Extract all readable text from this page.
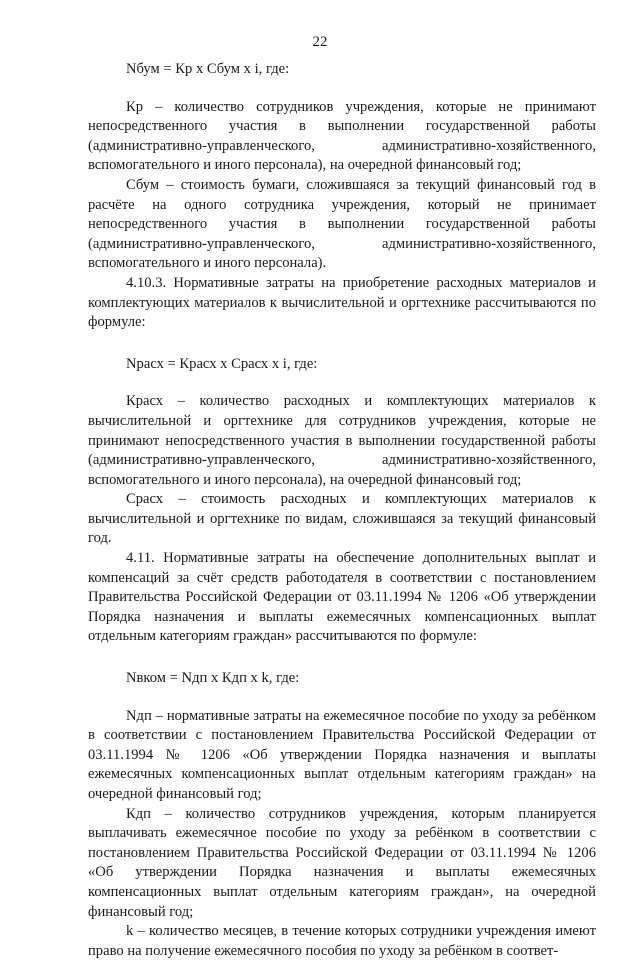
22
Nбум = Кр х Сбум х i, где:

Кр – количество сотрудников учреждения, которые не принимают непосредственного участия в выполнении государственной работы (административно-управленческого, административно-хозяйственного, вспомогательного и иного персонала), на очередной финансовый год;

Сбум – стоимость бумаги, сложившаяся за текущий финансовый год в расчёте на одного сотрудника учреждения, который не принимает непосредственного участия в выполнении государственной работы (административно-управленческого, административно-хозяйственного, вспомогательного и иного персонала).

4.10.3. Нормативные затраты на приобретение расходных материалов и комплектующих материалов к вычислительной и оргтехнике рассчитываются по формуле:

Nрасх = Красх х Срасх х i, где:

Красх – количество расходных и комплектующих материалов к вычислительной и оргтехнике для сотрудников учреждения, которые не принимают непосредственного участия в выполнении государственной работы (административно-управленческого, административно-хозяйственного, вспомогательного и иного персонала), на очередной финансовый год;

Срасх – стоимость расходных и комплектующих материалов к вычислительной и оргтехнике по видам, сложившаяся за текущий финансовый год.

4.11. Нормативные затраты на обеспечение дополнительных выплат и компенсаций за счёт средств работодателя в соответствии с постановлением Правительства Российской Федерации от 03.11.1994 № 1206 «Об утверждении Порядка назначения и выплаты ежемесячных компенсационных выплат отдельным категориям граждан» рассчитываются по формуле:

Nвком = Nдп х Кдп х k, где:

Nдп – нормативные затраты на ежемесячное пособие по уходу за ребёнком в соответствии с постановлением Правительства Российской Федерации от 03.11.1994 № 1206 «Об утверждении Порядка назначения и выплаты ежемесячных компенсационных выплат отдельным категориям граждан» на очередной финансовый год;

Кдп – количество сотрудников учреждения, которым планируется выплачивать ежемесячное пособие по уходу за ребёнком в соответствии с постановлением Правительства Российской Федерации от 03.11.1994 № 1206 «Об утверждении Порядка назначения и выплаты ежемесячных компенсационных выплат отдельным категориям граждан», на очередной финансовый год;

k – количество месяцев, в течение которых сотрудники учреждения имеют право на получение ежемесячного пособия по уходу за ребёнком в соответ-
